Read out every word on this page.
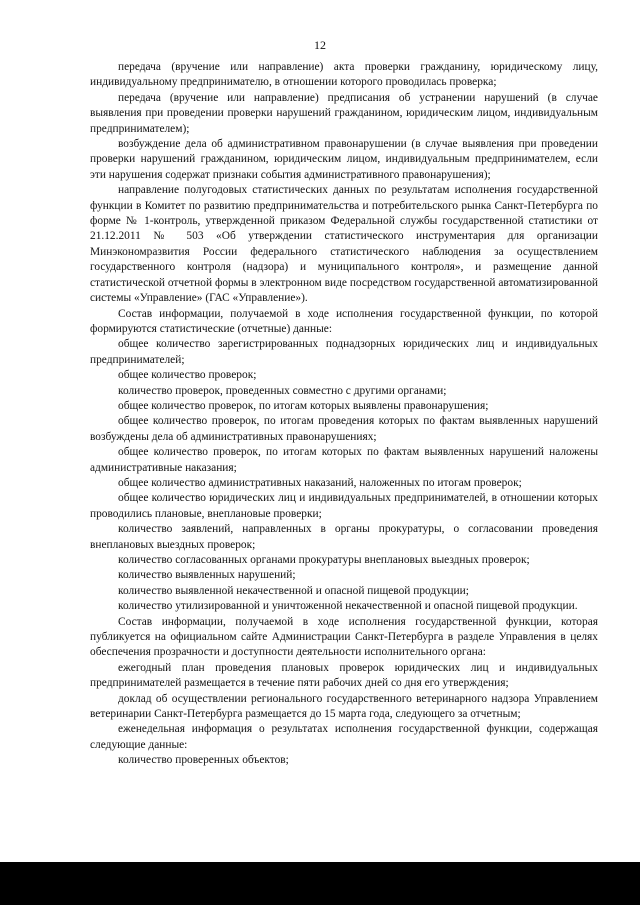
12

передача (вручение или направление) акта проверки гражданину, юридическому лицу, индивидуальному предпринимателю, в отношении которого проводилась проверка;

передача (вручение или направление) предписания об устранении нарушений (в случае выявления при проведении проверки нарушений гражданином, юридическим лицом, индивидуальным предпринимателем);

возбуждение дела об административном правонарушении (в случае выявления при проведении проверки нарушений гражданином, юридическим лицом, индивидуальным предпринимателем, если эти нарушения содержат признаки события административного правонарушения);

направление полугодовых статистических данных по результатам исполнения государственной функции в Комитет по развитию предпринимательства и потребительского рынка Санкт-Петербурга по форме № 1-контроль, утвержденной приказом Федеральной службы государственной статистики от 21.12.2011 № 503 «Об утверждении статистического инструментария для организации Минэкономразвития России федерального статистического наблюдения за осуществлением государственного контроля (надзора) и муниципального контроля», и размещение данной статистической отчетной формы в электронном виде посредством государственной автоматизированной системы «Управление» (ГАС «Управление»).

Состав информации, получаемой в ходе исполнения государственной функции, по которой формируются статистические (отчетные) данные:

общее количество зарегистрированных поднадзорных юридических лиц и индивидуальных предпринимателей;

общее количество проверок;

количество проверок, проведенных совместно с другими органами;

общее количество проверок, по итогам которых выявлены правонарушения;

общее количество проверок, по итогам проведения которых по фактам выявленных нарушений возбуждены дела об административных правонарушениях;

общее количество проверок, по итогам которых по фактам выявленных нарушений наложены административные наказания;

общее количество административных наказаний, наложенных по итогам проверок;

общее количество юридических лиц и индивидуальных предпринимателей, в отношении которых проводились плановые, внеплановые проверки;

количество заявлений, направленных в органы прокуратуры, о согласовании проведения внеплановых выездных проверок;

количество согласованных органами прокуратуры внеплановых выездных проверок;

количество выявленных нарушений;

количество выявленной некачественной и опасной пищевой продукции;

количество утилизированной и уничтоженной некачественной и опасной пищевой продукции.

Состав информации, получаемой в ходе исполнения государственной функции, которая публикуется на официальном сайте Администрации Санкт-Петербурга в разделе Управления в целях обеспечения прозрачности и доступности деятельности исполнительного органа:

ежегодный план проведения плановых проверок юридических лиц и индивидуальных предпринимателей размещается в течение пяти рабочих дней со дня его утверждения;

доклад об осуществлении регионального государственного ветеринарного надзора Управлением ветеринарии Санкт-Петербурга размещается до 15 марта года, следующего за отчетным;

еженедельная информация о результатах исполнения государственной функции, содержащая следующие данные:

количество проверенных объектов;
